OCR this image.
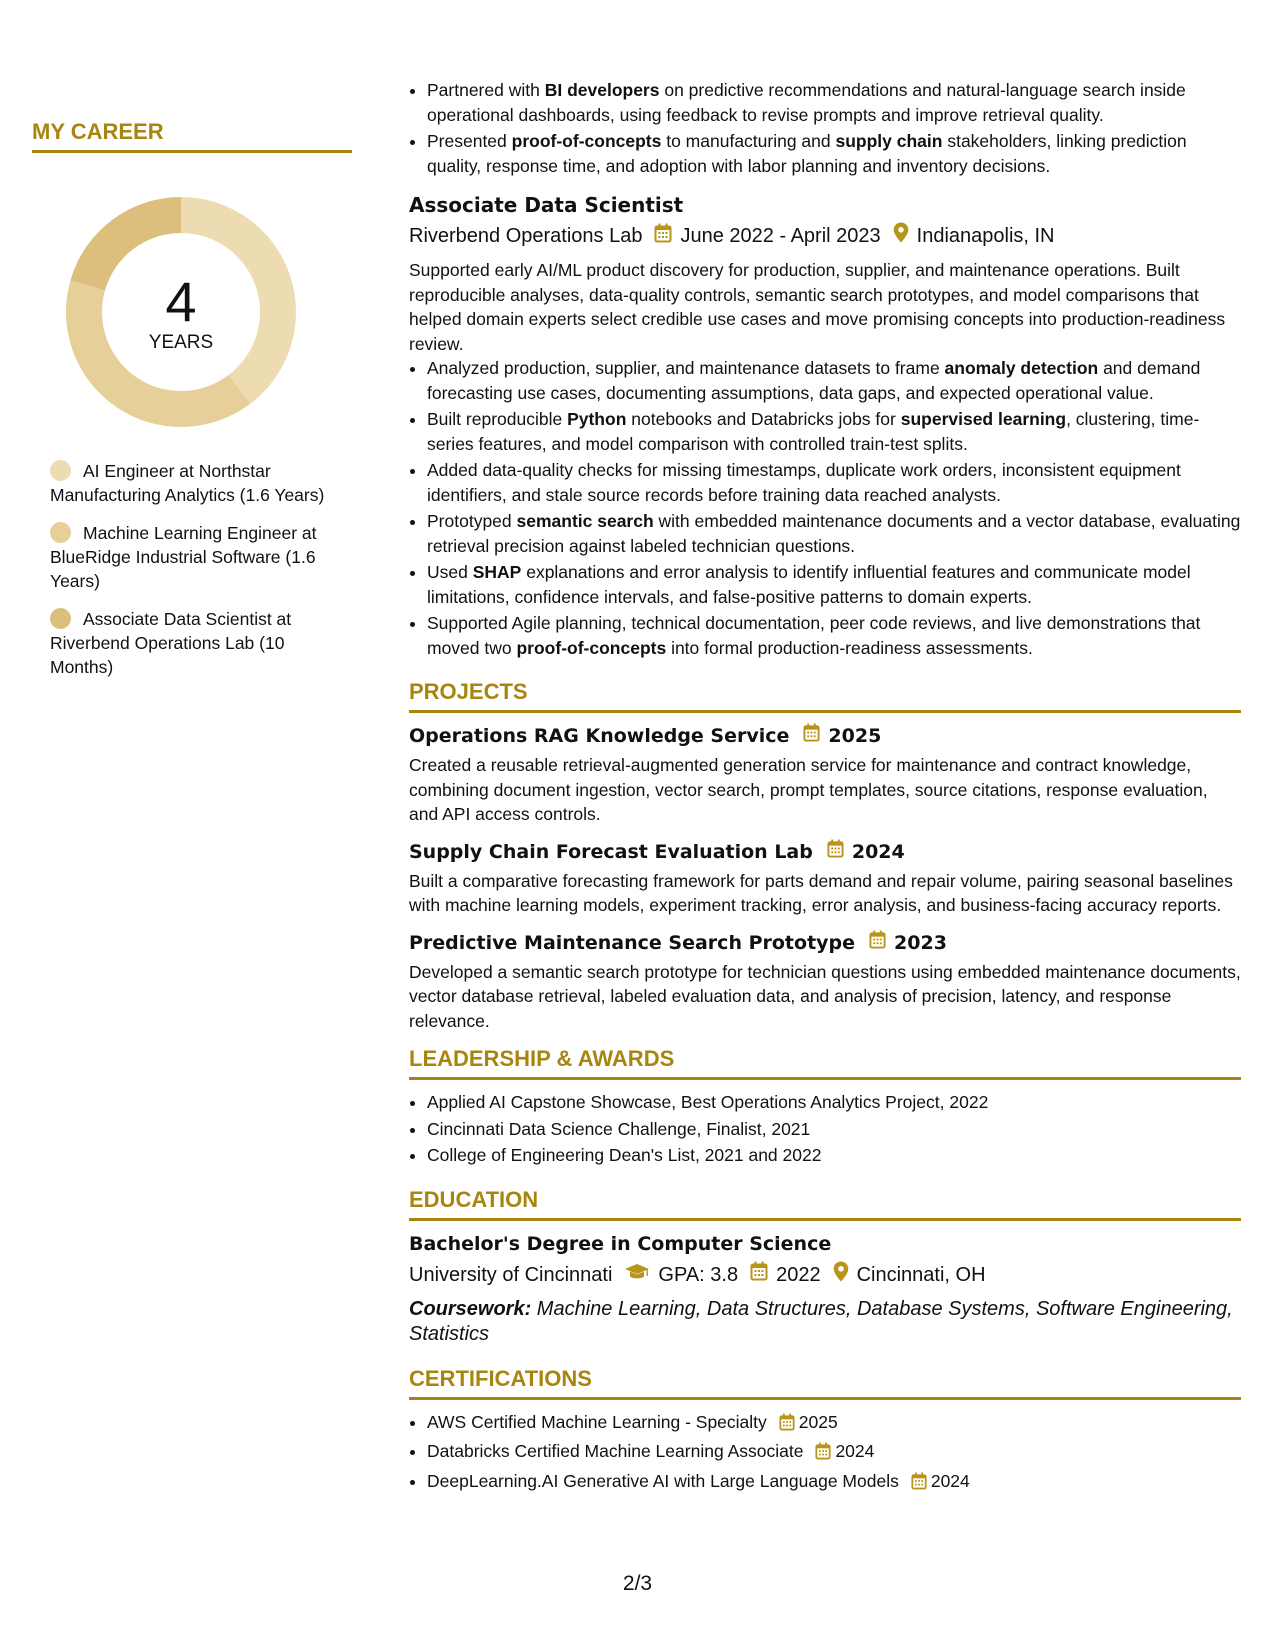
MY CAREER
4
YEARS
AI Engineer at Northstar Manufacturing Analytics (1.6 Years)
Machine Learning Engineer at BlueRidge Industrial Software (1.6 Years)
Associate Data Scientist at Riverbend Operations Lab (10 Months)
• Partnered with BI developers on predictive recommendations and natural-language search inside operational dashboards, using feedback to revise prompts and improve retrieval quality.
• Presented proof-of-concepts to manufacturing and supply chain stakeholders, linking prediction quality, response time, and adoption with labor planning and inventory decisions.
Associate Data Scientist
Riverbend Operations Lab June 2022 - April 2023 Indianapolis, IN

Supported early AI/ML product discovery for production, supplier, and maintenance operations. Built reproducible analyses, data-quality controls, semantic search prototypes, and model comparisons that helped domain experts select credible use cases and move promising concepts into production-readiness review.

• Analyzed production, supplier, and maintenance datasets to frame anomaly detection and demand forecasting use cases, documenting assumptions, data gaps, and expected operational value.
• Built reproducible Python notebooks and Databricks jobs for supervised learning, clustering, time-series features, and model comparison with controlled train-test splits.
• Added data-quality checks for missing timestamps, duplicate work orders, inconsistent equipment identifiers, and stale source records before training data reached analysts.
• Prototyped semantic search with embedded maintenance documents and a vector database, evaluating retrieval precision against labeled technician questions.
• Used SHAP explanations and error analysis to identify influential features and communicate model limitations, confidence intervals, and false-positive patterns to domain experts.
• Supported Agile planning, technical documentation, peer code reviews, and live demonstrations that moved two proof-of-concepts into formal production-readiness assessments.
PROJECTS
Operations RAG Knowledge Service 2025

Created a reusable retrieval-augmented generation service for maintenance and contract knowledge, combining document ingestion, vector search, prompt templates, source citations, response evaluation, and API access controls.

Supply Chain Forecast Evaluation Lab 2024

Built a comparative forecasting framework for parts demand and repair volume, pairing seasonal baselines with machine learning models, experiment tracking, error analysis, and business-facing accuracy reports.

Predictive Maintenance Search Prototype 2023

Developed a semantic search prototype for technician questions using embedded maintenance documents, vector database retrieval, labeled evaluation data, and analysis of precision, latency, and response relevance.

LEADERSHIP & AWARDS
• Applied AI Capstone Showcase, Best Operations Analytics Project, 2022
• Cincinnati Data Science Challenge, Finalist, 2021
• College of Engineering Dean's List, 2021 and 2022
EDUCATION
Bachelor's Degree in Computer Science
University of Cincinnati GPA: 3.8 2022 Cincinnati, OH

Coursework: Machine Learning, Data Structures, Database Systems, Software Engineering, Statistics

CERTIFICATIONS
• AWS Certified Machine Learning - Specialty 2025
• Databricks Certified Machine Learning Associate 2024
• DeepLearning.AI Generative AI with Large Language Models 2024
2/3
